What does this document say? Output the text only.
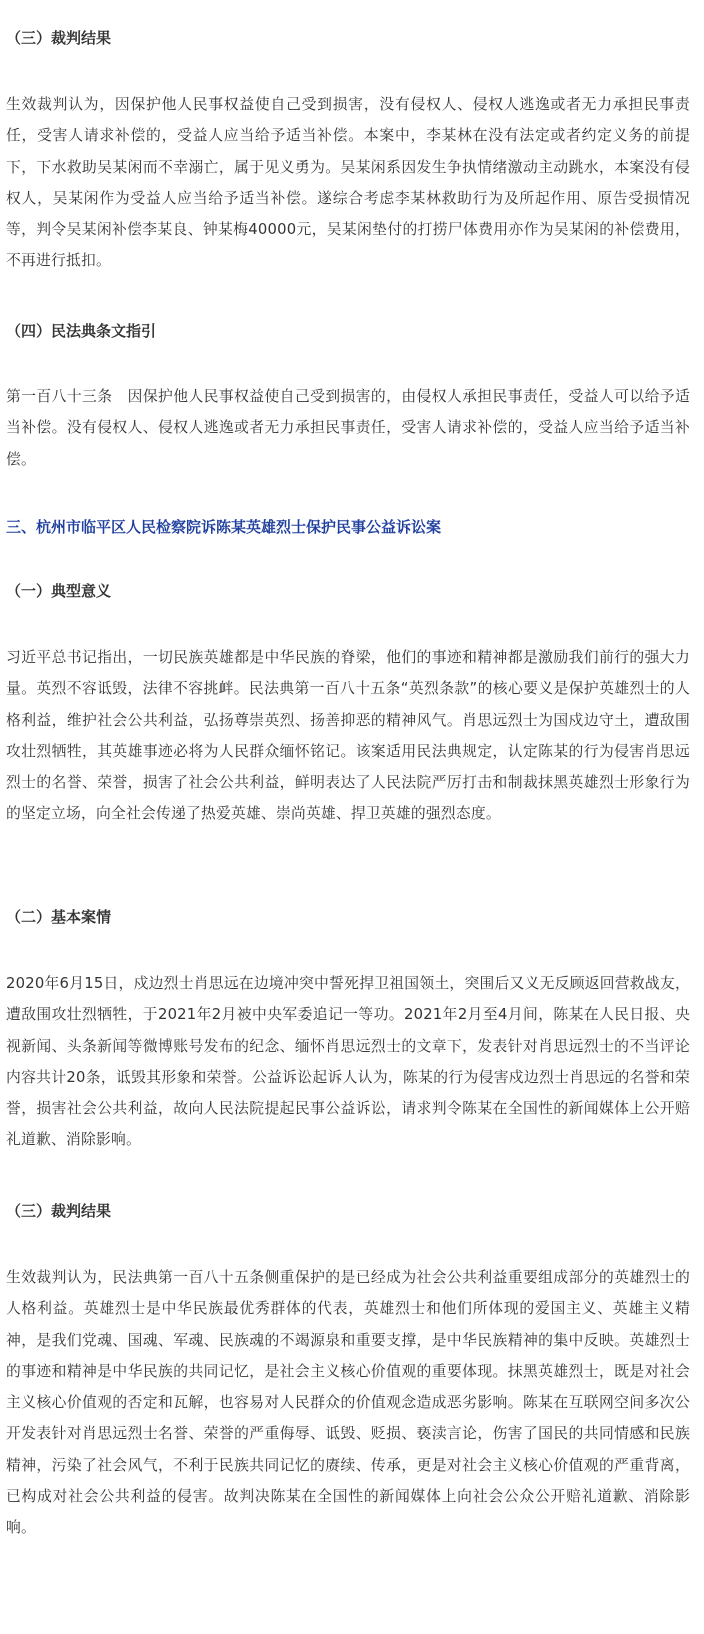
（三）裁判结果
生效裁判认为，因保护他人民事权益使自己受到损害，没有侵权人、侵权人逃逸或者无力承担民事责任，受害人请求补偿的，受益人应当给予适当补偿。本案中，李某林在没有法定或者约定义务的前提下，下水救助吴某闲而不幸溺亡，属于见义勇为。吴某闲系因发生争执情绪激动主动跳水，本案没有侵权人，吴某闲作为受益人应当给予适当补偿。遂综合考虑李某林救助行为及所起作用、原告受损情况等，判令吴某闲补偿李某良、钟某梅40000元，吴某闲垫付的打捞尸体费用亦作为吴某闲的补偿费用，不再进行抵扣。
（四）民法典条文指引
第一百八十三条　因保护他人民事权益使自己受到损害的，由侵权人承担民事责任，受益人可以给予适当补偿。没有侵权人、侵权人逃逸或者无力承担民事责任，受害人请求补偿的，受益人应当给予适当补偿。
三、杭州市临平区人民检察院诉陈某英雄烈士保护民事公益诉讼案
（一）典型意义
习近平总书记指出，一切民族英雄都是中华民族的脊梁，他们的事迹和精神都是激励我们前行的强大力量。英烈不容诋毁，法律不容挑衅。民法典第一百八十五条“英烈条款”的核心要义是保护英雄烈士的人格利益，维护社会公共利益，弘扬尊崇英烈、扬善抑恶的精神风气。肖思远烈士为国戍边守土，遭敌围攻壮烈牺牲，其英雄事迹必将为人民群众缅怀铭记。该案适用民法典规定，认定陈某的行为侵害肖思远烈士的名誉、荣誉，损害了社会公共利益，鲜明表达了人民法院严厉打击和制裁抹黑英雄烈士形象行为的坚定立场，向全社会传递了热爱英雄、崇尚英雄、捍卫英雄的强烈态度。
（二）基本案情
2020年6月15日，戍边烈士肖思远在边境冲突中誓死捍卫祖国领土，突围后又义无反顾返回营救战友，遭敌围攻壮烈牺牲，于2021年2月被中央军委追记一等功。2021年2月至4月间，陈某在人民日报、央视新闻、头条新闻等微博账号发布的纪念、缅怀肖思远烈士的文章下，发表针对肖思远烈士的不当评论内容共计20条，诋毁其形象和荣誉。公益诉讼起诉人认为，陈某的行为侵害戍边烈士肖思远的名誉和荣誉，损害社会公共利益，故向人民法院提起民事公益诉讼，请求判令陈某在全国性的新闻媒体上公开赔礼道歉、消除影响。
（三）裁判结果
生效裁判认为，民法典第一百八十五条侧重保护的是已经成为社会公共利益重要组成部分的英雄烈士的人格利益。英雄烈士是中华民族最优秀群体的代表，英雄烈士和他们所体现的爱国主义、英雄主义精神，是我们党魂、国魂、军魂、民族魂的不竭源泉和重要支撑，是中华民族精神的集中反映。英雄烈士的事迹和精神是中华民族的共同记忆，是社会主义核心价值观的重要体现。抹黑英雄烈士，既是对社会主义核心价值观的否定和瓦解，也容易对人民群众的价值观念造成恶劣影响。陈某在互联网空间多次公开发表针对肖思远烈士名誉、荣誉的严重侮辱、诋毁、贬损、亵渎言论，伤害了国民的共同情感和民族精神，污染了社会风气，不利于民族共同记忆的赓续、传承，更是对社会主义核心价值观的严重背离，已构成对社会公共利益的侵害。故判决陈某在全国性的新闻媒体上向社会公众公开赔礼道歉、消除影响。
